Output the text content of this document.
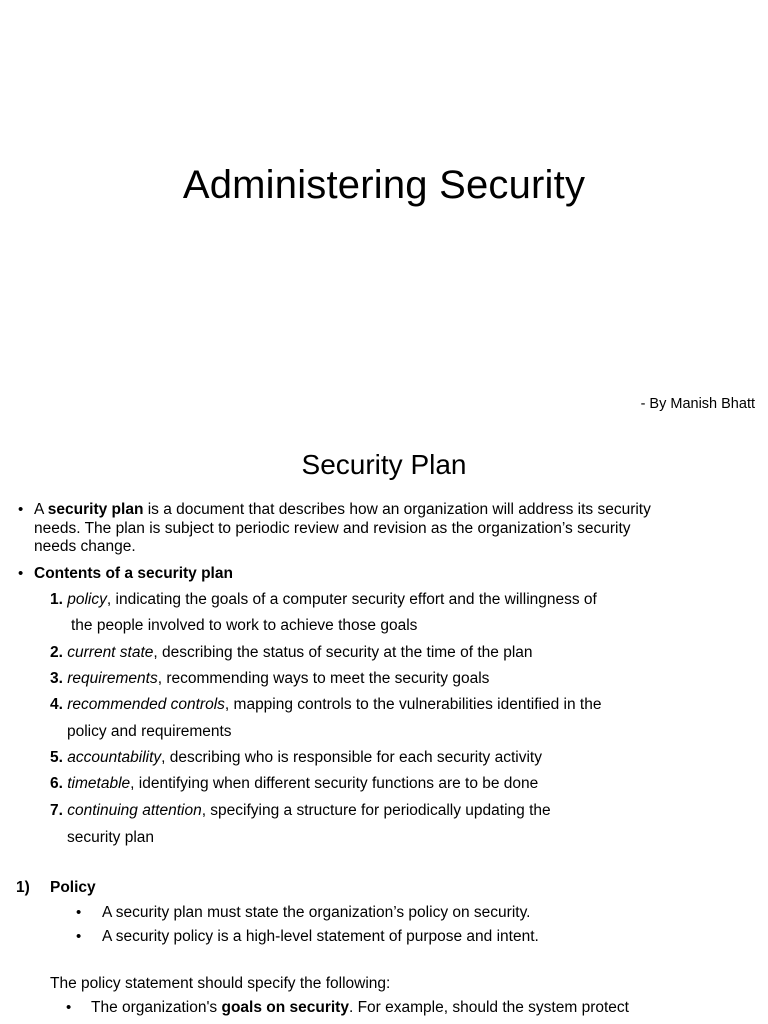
Administering Security
- By Manish Bhatt
Security Plan
• A security plan is a document that describes how an organization will address its security
needs. The plan is subject to periodic review and revision as the organization’s security
needs change.
• Contents of a security plan
1. policy, indicating the goals of a computer security effort and the willingness of
the people involved to work to achieve those goals
2. current state, describing the status of security at the time of the plan
3. requirements, recommending ways to meet the security goals
4. recommended controls, mapping controls to the vulnerabilities identified in the
policy and requirements
5. accountability, describing who is responsible for each security activity
6. timetable, identifying when different security functions are to be done
7. continuing attention, specifying a structure for periodically updating the
security plan
1) Policy
• A security plan must state the organization’s policy on security.
• A security policy is a high-level statement of purpose and intent.
The policy statement should specify the following:
• The organization's goals on security. For example, should the system protect
